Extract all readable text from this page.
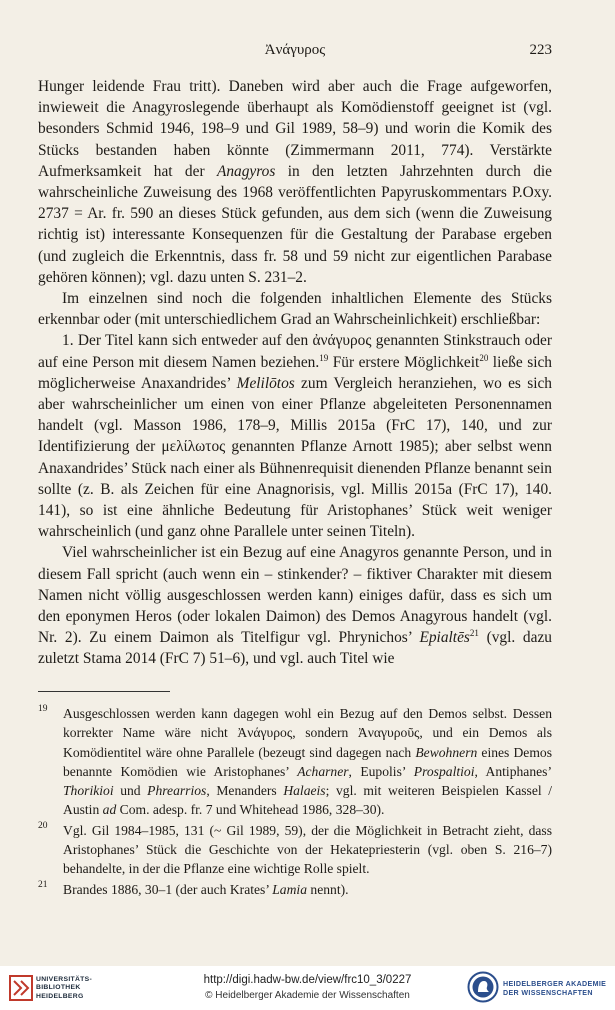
Ἀνάγυρος	223

Hunger leidende Frau tritt). Daneben wird aber auch die Frage aufgeworfen, inwieweit die Anagyroslegende überhaupt als Komödienstoff geeignet ist (vgl. besonders Schmid 1946, 198–9 und Gil 1989, 58–9) und worin die Komik des Stücks bestanden haben könnte (Zimmermann 2011, 774). Verstärkte Aufmerksamkeit hat der Anagyros in den letzten Jahrzehnten durch die wahrscheinliche Zuweisung des 1968 veröffentlichten Papyruskommentars P.Oxy. 2737 = Ar. fr. 590 an dieses Stück gefunden, aus dem sich (wenn die Zuweisung richtig ist) interessante Konsequenzen für die Gestaltung der Parabase ergeben (und zugleich die Erkenntnis, dass fr. 58 und 59 nicht zur eigentlichen Parabase gehören können); vgl. dazu unten S. 231–2.

Im einzelnen sind noch die folgenden inhaltlichen Elemente des Stücks erkennbar oder (mit unterschiedlichem Grad an Wahrscheinlichkeit) erschließbar:

1. Der Titel kann sich entweder auf den ἀνάγυρος genannten Stinkstrauch oder auf eine Person mit diesem Namen beziehen.$^{19}$ Für erstere Möglichkeit$^{20}$ ließe sich möglicherweise Anaxandrides’ Melilōtos zum Vergleich heranziehen, wo es sich aber wahrscheinlicher um einen von einer Pflanze abgeleiteten Personennamen handelt (vgl. Masson 1986, 178–9, Millis 2015a (FrC 17), 140, und zur Identifizierung der μελίλωτος genannten Pflanze Arnott 1985); aber selbst wenn Anaxandrides’ Stück nach einer als Bühnenrequisit dienenden Pflanze benannt sein sollte (z. B. als Zeichen für eine Anagnorisis, vgl. Millis 2015a (FrC 17), 140. 141), so ist eine ähnliche Bedeutung für Aristophanes’ Stück weit weniger wahrscheinlich (und ganz ohne Parallele unter seinen Titeln).

Viel wahrscheinlicher ist ein Bezug auf eine Anagyros genannte Person, und in diesem Fall spricht (auch wenn ein – stinkender? – fiktiver Charakter mit diesem Namen nicht völlig ausgeschlossen werden kann) einiges dafür, dass es sich um den eponymen Heros (oder lokalen Daimon) des Demos Anagyrous handelt (vgl. Nr. 2). Zu einem Daimon als Titelfigur vgl. Phrynichos’ Epialtēs$^{21}$ (vgl. dazu zuletzt Stama 2014 (FrC 7) 51–6), und vgl. auch Titel wie

19 Ausgeschlossen werden kann dagegen wohl ein Bezug auf den Demos selbst. Dessen korrekter Name wäre nicht Ἀνάγυρος, sondern Ἀναγυροῦς, und ein Demos als Komödientitel wäre ohne Parallele (bezeugt sind dagegen nach Bewohnern eines Demos benannte Komödien wie Aristophanes’ Acharner, Eupolis’ Prospaltioi, Antiphanes’ Thorikioi und Phrearrios, Menanders Halaeis; vgl. mit weiteren Beispielen Kassel / Austin ad Com. adesp. fr. 7 und Whitehead 1986, 328–30).

20 Vgl. Gil 1984–1985, 131 (~ Gil 1989, 59), der die Möglichkeit in Betracht zieht, dass Aristophanes’ Stück die Geschichte von der Hekatepriesterin (vgl. oben S. 216–7) behandelte, in der die Pflanze eine wichtige Rolle spielt.

21 Brandes 1886, 30–1 (der auch Krates’ Lamia nennt).

UNIVERSITÄTS-
BIBLIOTHEK
HEIDELBERG
http://digi.hadw-bw.de/view/frc10_3/0227
© Heidelberger Akademie der Wissenschaften
HEIDELBERGER AKADEMIE
DER WISSENSCHAFTEN
